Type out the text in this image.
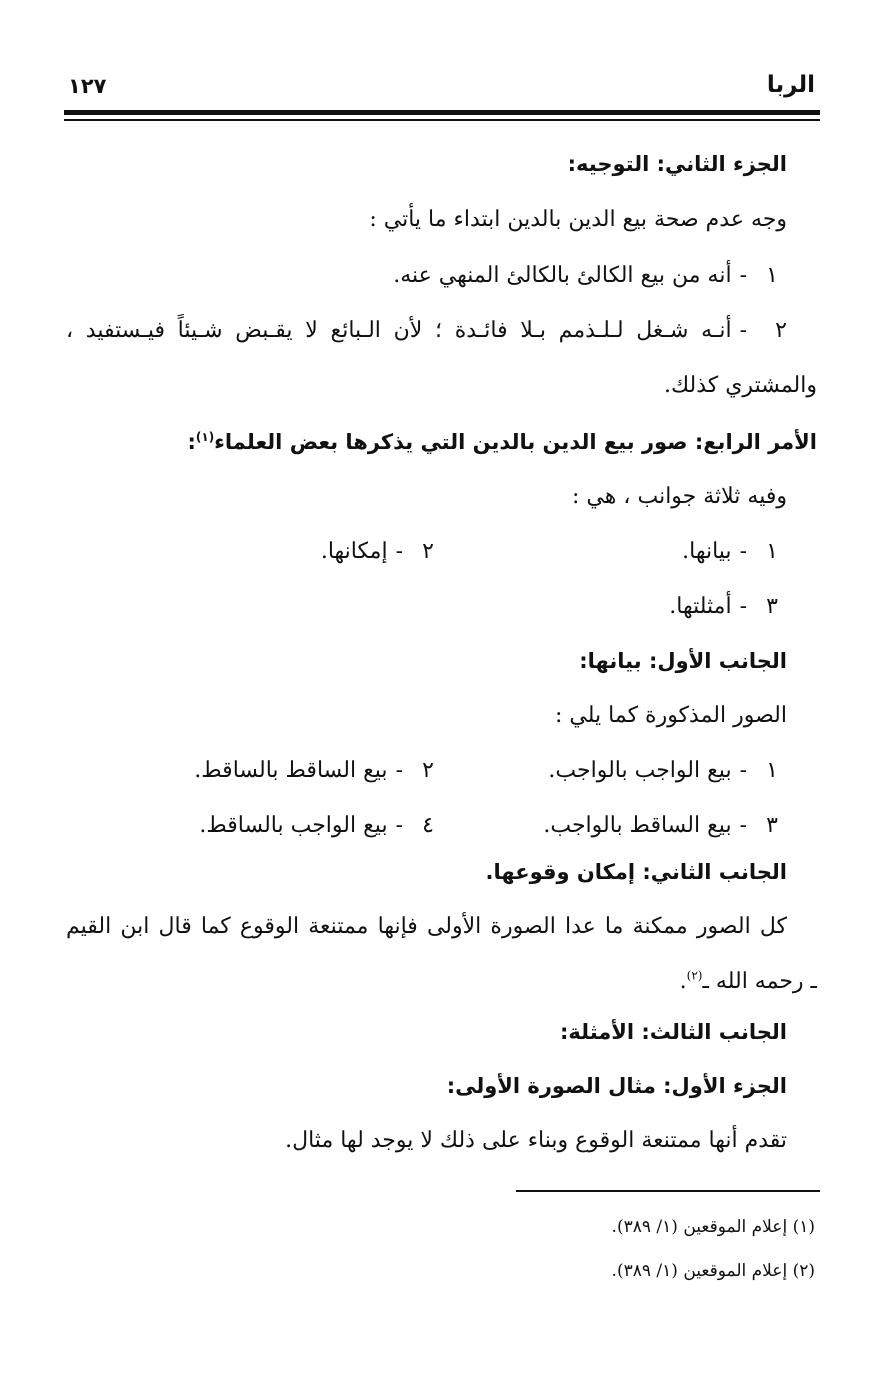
الربا
١٢٧
الجزء الثاني: التوجيه:
وجه عدم صحة بيع الدين بالدين ابتداء ما يأتي :
١-أنه من بيع الكالئ بالكالئ المنهي عنه.
٢-أنـه شـغل لـلـذمم بـلا فائـدة ؛ لأن الـبائع لا يقـبض شـيئاً فيـستفيد ،
والمشتري كذلك.
الأمر الرابع: صور بيع الدين بالدين التي يذكرها بعض العلماء$^{(١)}$:
وفيه ثلاثة جوانب ، هي :
١-بيانها.
٢-إمكانها.
٣-أمثلتها.
الجانب الأول: بيانها:
الصور المذكورة كما يلي :
١-بيع الواجب بالواجب.
٢-بيع الساقط بالساقط.
٣-بيع الساقط بالواجب.
٤-بيع الواجب بالساقط.
الجانب الثاني: إمكان وقوعها.
كل الصور ممكنة ما عدا الصورة الأولى فإنها ممتنعة الوقوع كما قال ابن القيم
ـ رحمه الله ـ$^{(٢)}$.
الجانب الثالث: الأمثلة:
الجزء الأول: مثال الصورة الأولى:
تقدم أنها ممتنعة الوقوع وبناء على ذلك لا يوجد لها مثال.
(١) إعلام الموقعين (١/ ٣٨٩).
(٢) إعلام الموقعين (١/ ٣٨٩).
